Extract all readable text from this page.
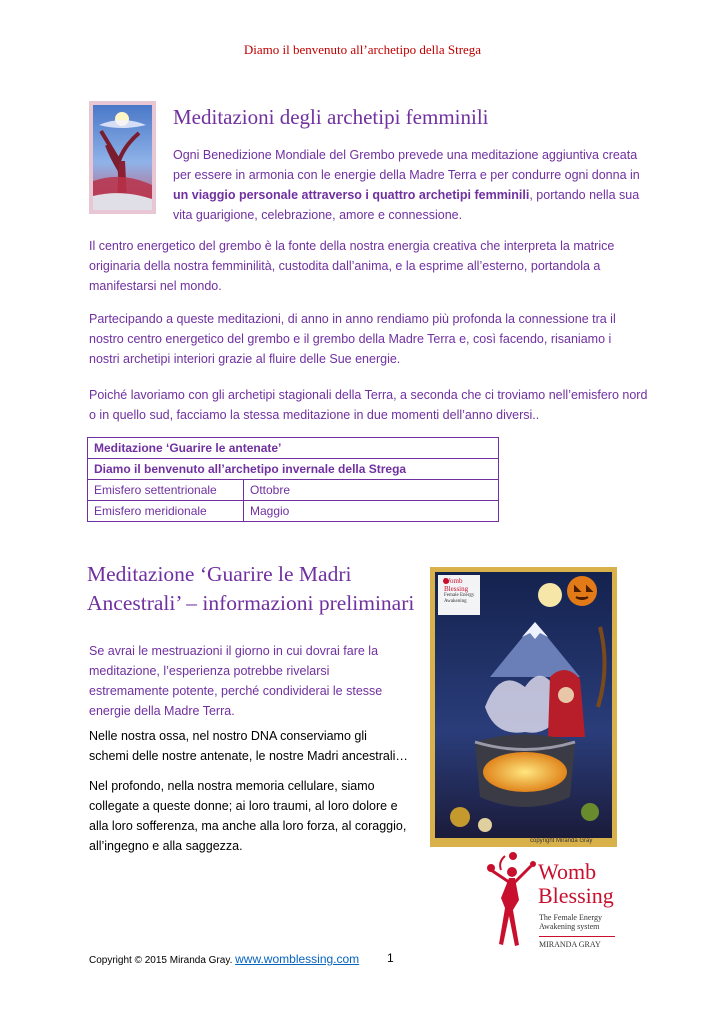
Diamo il benvenuto all’archetipo della Strega
Meditazioni degli archetipi femminili
Ogni Benedizione Mondiale del Grembo prevede una meditazione aggiuntiva creata per essere in armonia con le energie della Madre Terra e per condurre ogni donna in un viaggio personale attraverso i quattro archetipi femminili, portando nella sua vita guarigione, celebrazione, amore e connessione.
Il centro energetico del grembo è la fonte della nostra energia creativa che interpreta la matrice originaria della nostra femminilità, custodita dall’anima, e la esprime all’esterno, portandola a manifestarsi nel mondo.
Partecipando a queste meditazioni, di anno in anno rendiamo più profonda la connessione tra il nostro centro energetico del grembo e il grembo della Madre Terra e, così facendo, risaniamo i nostri archetipi interiori grazie al fluire delle Sue energie.
Poiché lavoriamo con gli archetipi stagionali della Terra, a seconda che ci troviamo nell’emisfero nord o in quello sud, facciamo la stessa meditazione in due momenti dell’anno diversi..
Meditazione ‘Guarire le antenate’	
Diamo il benvenuto all’archetipo invernale della Strega	
Emisfero settentrionale	Ottobre
Emisfero meridionale	Maggio
Meditazione ‘Guarire le Madri
Ancestrali’ – informazioni preliminari
Se avrai le mestruazioni il giorno in cui dovrai fare la meditazione, l’esperienza potrebbe rivelarsi estremamente potente, perché condividerai le stesse energie della Madre Terra.
Nelle nostra ossa, nel nostro DNA conserviamo gli schemi delle nostre antenate, le nostre Madri ancestrali…
Nel profondo, nella nostra memoria cellulare, siamo collegate a queste donne; ai loro traumi, al loro dolore e alla loro sofferenza, ma anche alla loro forza, al coraggio, all’ingegno e alla saggezza.
Womb
Blessing
Female Energy Awakening
copyright Miranda Gray
Womb
Blessing
The Female Energy
Awakening system
MIRANDA GRAY
Copyright © 2015 Miranda Gray. www.womblessing.com	1
